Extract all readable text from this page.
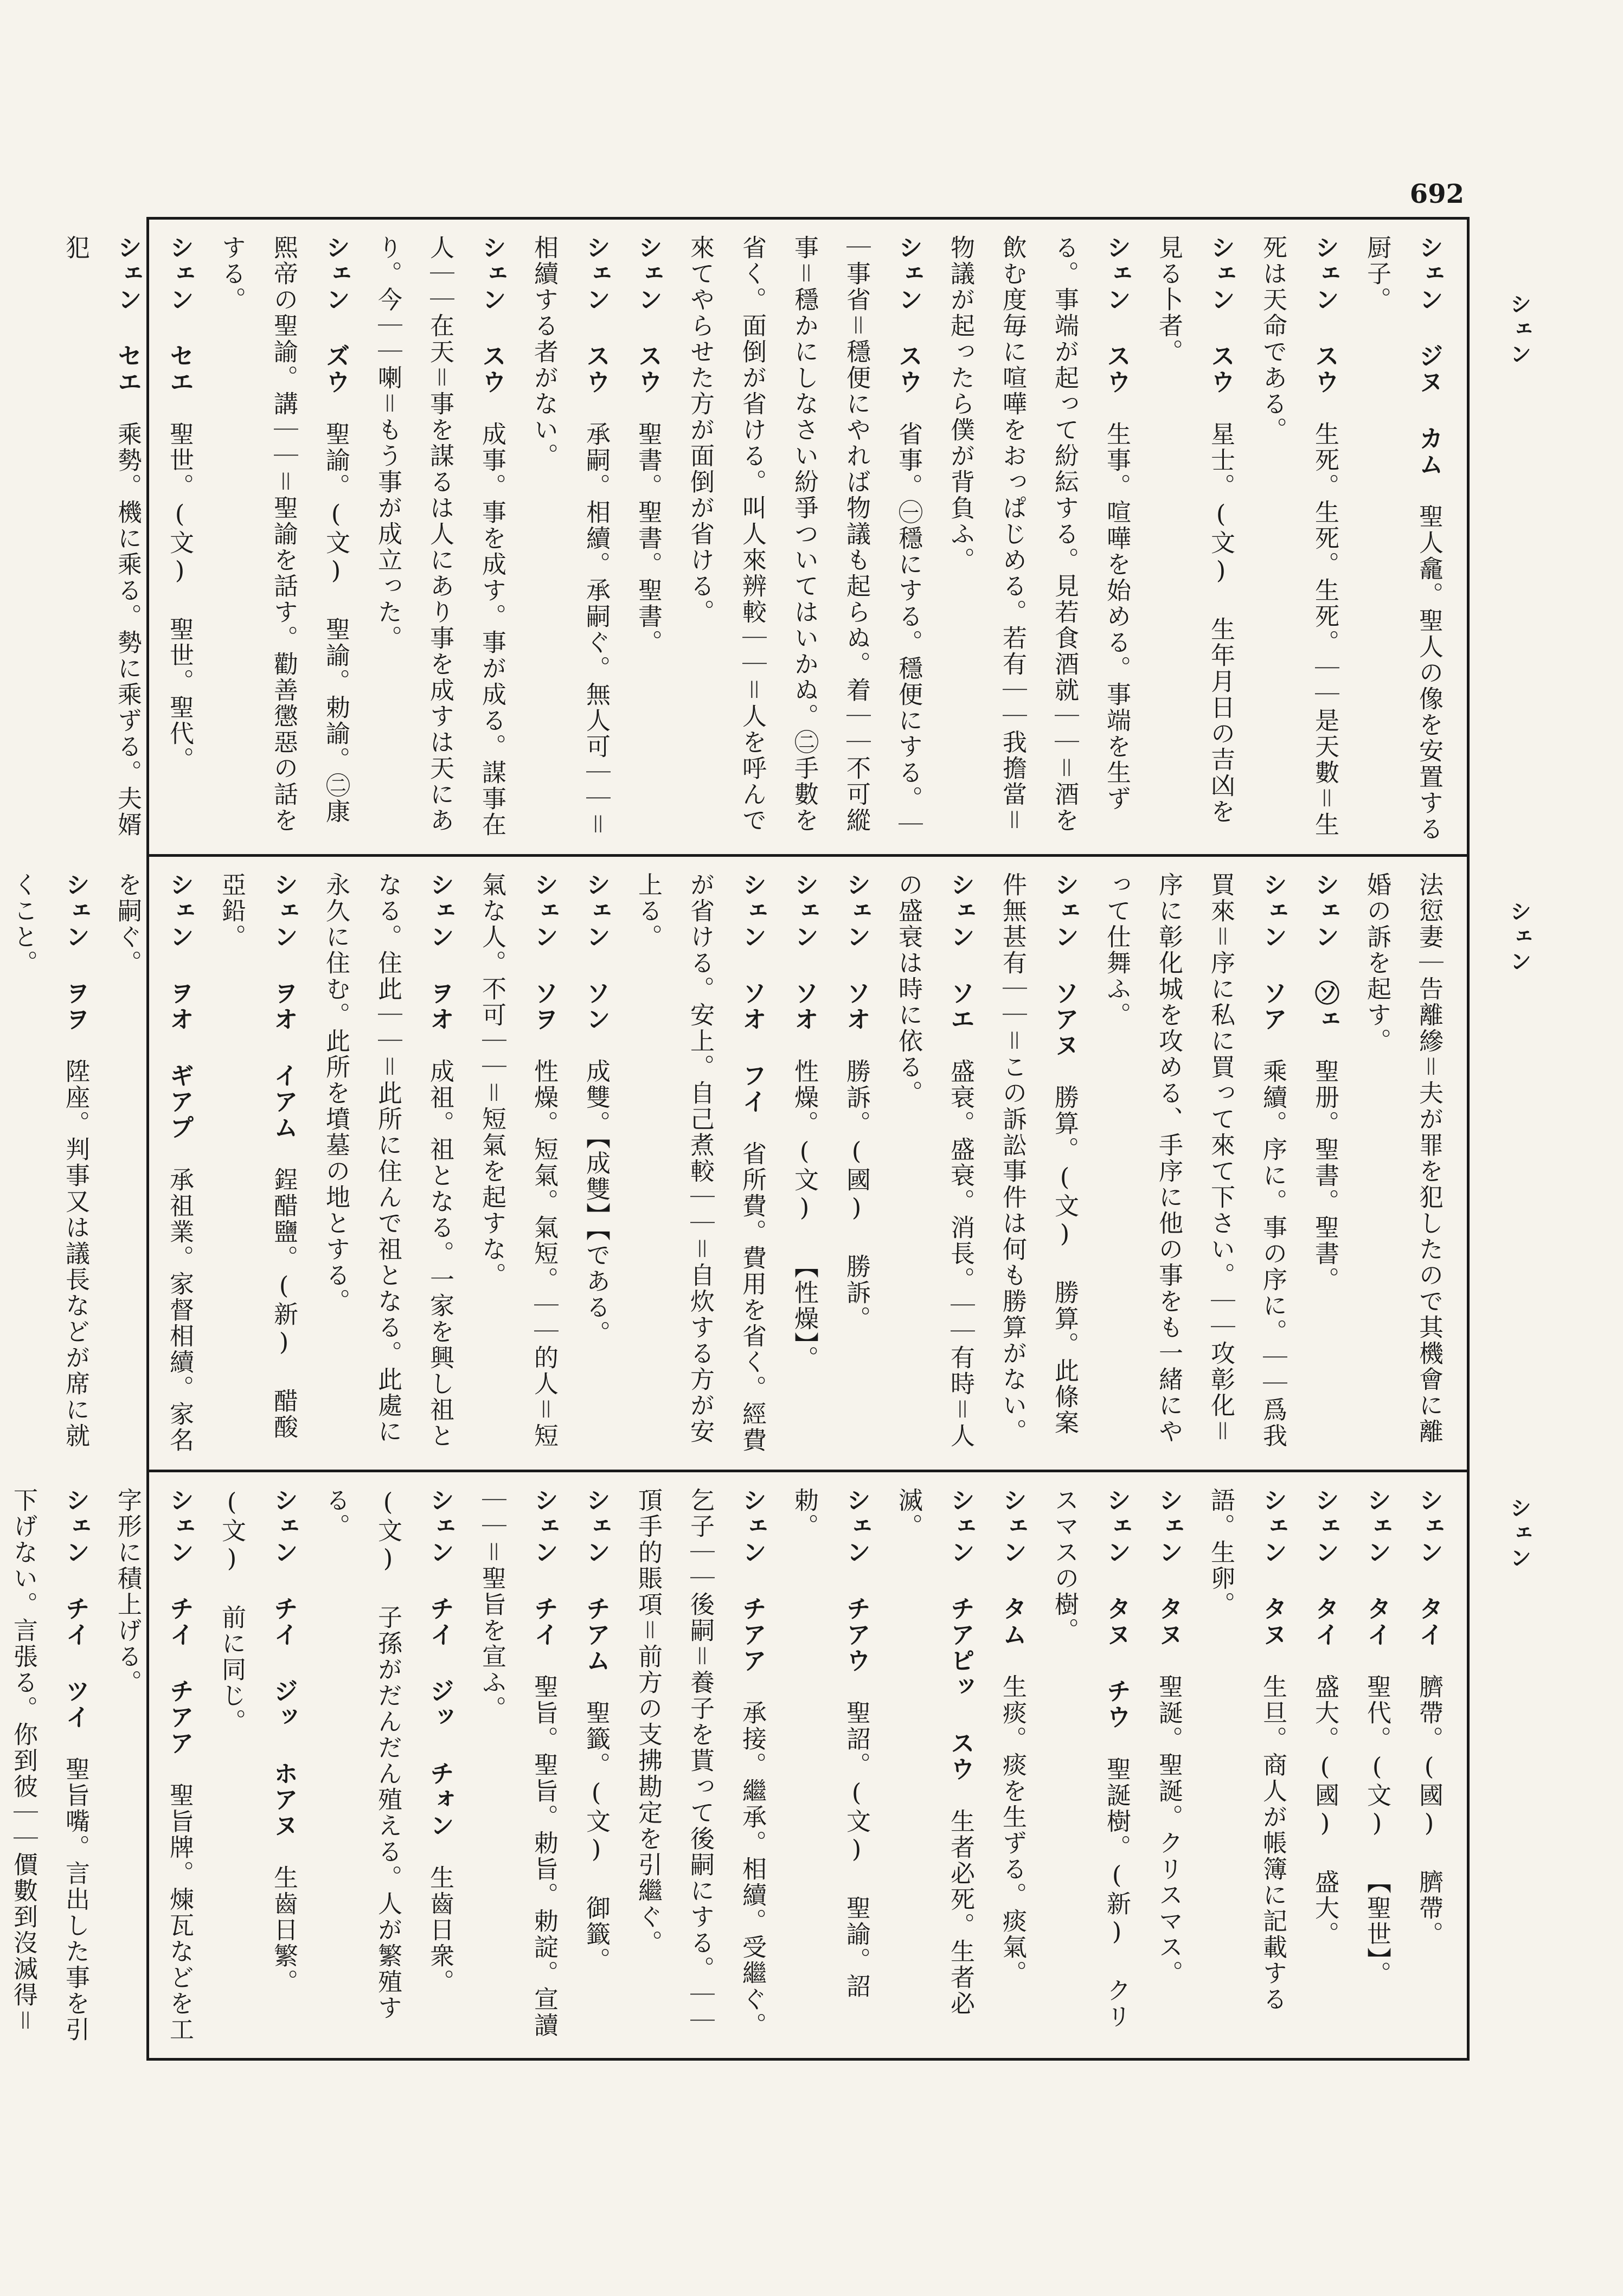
692
シェン
シェン
シェン
シェン ジヌ カム　聖人龕。聖人の像を安置する厨子。
シェン スウ　生死。生死。生死。｜｜是天數＝生死は天命である。
シェン スウ　星士。(文) 生年月日の吉凶を見る卜者。
シェン スウ　生事。喧嘩を始める。事端を生ずる。事端が起って紛紜する。見若食酒就｜｜＝酒を飲む度毎に喧嘩をおっぱじめる。若有｜｜我擔當＝物議が起ったら僕が背負ふ。
シェン スウ　省事。㊀穩にする。穩便にする。｜｜事省＝穩便にやれば物議も起らぬ。着｜｜不可縱事＝穩かにしなさい紛爭ついてはいかぬ。㊁手數を省く。面倒が省ける。叫人來辨較｜｜＝人を呼んで來てやらせた方が面倒が省ける。
シェン スウ　聖書。聖書。聖書。
シェン スウ　承嗣。相續。承嗣ぐ。無人可｜｜＝相續する者がない。
シェン スウ　成事。事を成す。事が成る。謀事在人｜｜在天＝事を謀るは人にあり事を成すは天にあり。今｜｜喇＝もう事が成立った。
シェン ズウ　聖諭。(文) 聖諭。勅諭。㊁康熙帝の聖諭。講｜｜＝聖諭を話す。勸善懲惡の話をする。
シェン セエ　聖世。(文) 聖世。聖代。
シェン セエ　乘勢。機に乘る。勢に乘ずる。夫婿犯
法愆妻｜告離縿＝夫が罪を犯したので其機會に離婚の訴を起す。
シェン ㋞ェ　聖册。聖書。聖書。
シェン ソア　乘續。序に。事の序に。｜｜爲我買來＝序に私に買って來て下さい。｜｜攻彰化＝序に彰化城を攻める、手序に他の事をも一緒にやって仕舞ふ。
シェン ソアヌ　勝算。(文) 勝算。此條案件無甚有｜｜＝この訴訟事件は何も勝算がない。
シェン ソエ　盛衰。盛衰。消長。｜｜有時＝人の盛衰は時に依る。
シェン ソオ　勝訴。(國) 勝訴。
シェン ソオ　性燥。(文) 【性燥】。
シェン ソオ フイ　省所費。費用を省く。經費が省ける。安上。自己煮較｜｜＝自炊する方が安上る。
シェン ソン　成雙。【成雙】【である。
シェン ソヲ　性燥。短氣。氣短。｜｜的人＝短氣な人。不可｜｜＝短氣を起すな。
シェン ヲオ　成祖。祖となる。一家を興し祖となる。住此｜｜＝此所に住んで祖となる。此處に永久に住む。此所を墳墓の地とする。
シェン ヲオ イアム　鋥醋鹽。(新) 醋酸亞鉛。
シェン ヲオ ギアプ　承祖業。家督相續。家名を嗣ぐ。
シェン ヲヲ　陞座。判事又は議長などが席に就くこと。
シェン タイ　臍帶。(國) 臍帶。
シェン タイ　聖代。(文) 【聖世】。
シェン タイ　盛大。(國) 盛大。
シェン タヌ　生旦。商人が帳簿に記載する語。生卵。
シェン タヌ　聖誕。聖誕。クリスマス。
シェン タヌ チウ　聖誕樹。(新) クリスマスの樹。
シェン タム　生痰。痰を生ずる。痰氣。
シェン チアピッ スウ　生者必死。生者必滅。
シェン チアウ　聖詔。(文) 聖諭。詔勅。
シェン チアア　承接。繼承。相續。受繼ぐ。乞子｜｜後嗣＝養子を貰って後嗣にする。｜｜頂手的賬項＝前方の支拂勘定を引繼ぐ。
シェン チアム　聖籤。(文) 御籤。
シェン チイ　聖旨。聖旨。勅旨。勅諚。宣讀｜｜＝聖旨を宣ふ。
シェン チイ ジッ チォン　生齒日衆。(文) 子孫がだんだん殖える。人が繁殖する。
シェン チイ ジッ ホアヌ　生齒日繁。(文) 前に同じ。
シェン チイ チアア　聖旨牌。煉瓦などを工字形に積上げる。
シェン チイ ツイ　聖旨嘴。言出した事を引下げない。言張る。你到彼｜｜價數到沒滅得＝
